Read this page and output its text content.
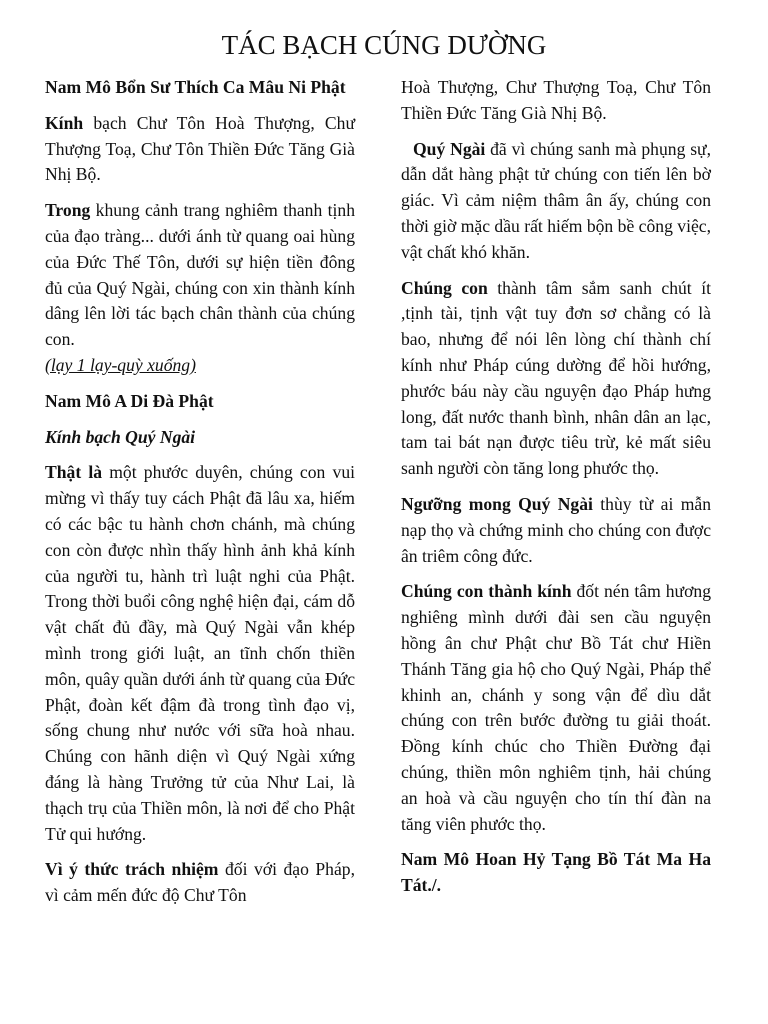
TÁC BẠCH CÚNG DƯỜNG

Nam Mô Bổn Sư Thích Ca Mâu Ni Phật

Kính bạch Chư Tôn Hoà Thượng, Chư Thượng Toạ, Chư Tôn Thiền Đức Tăng Già Nhị Bộ.

Trong khung cảnh trang nghiêm thanh tịnh của đạo tràng... dưới ánh từ quang oai hùng của Đức Thế Tôn, dưới sự hiện tiền đông đủ của Quý Ngài, chúng con xin thành kính dâng lên lời tác bạch chân thành của chúng con.

(lạy 1 lạy-quỳ xuống)

Nam Mô A Di Đà Phật

Kính bạch Quý Ngài

Thật là một phước duyên, chúng con vui mừng vì thấy tuy cách Phật đã lâu xa, hiếm có các bậc tu hành chơn chánh, mà chúng con còn được nhìn thấy hình ảnh khả kính của người tu, hành trì luật nghi của Phật. Trong thời buổi công nghệ hiện đại, cám dỗ vật chất đủ đầy, mà Quý Ngài vẫn khép mình trong giới luật, an tĩnh chốn thiền môn, quây quần dưới ánh từ quang của Đức Phật, đoàn kết đậm đà trong tình đạo vị, sống chung như nước với sữa hoà nhau. Chúng con hãnh diện vì Quý Ngài xứng đáng là hàng Trưởng tử của Như Lai, là thạch trụ của Thiền môn, là nơi để cho Phật Tử qui hướng.

Vì ý thức trách nhiệm đối với đạo Pháp, vì cảm mến đức độ Chư Tôn

Hoà Thượng, Chư Thượng Toạ, Chư Tôn Thiền Đức Tăng Già Nhị Bộ.

Quý Ngài đã vì chúng sanh mà phụng sự, dẫn dắt hàng phật tử chúng con tiến lên bờ giác. Vì cảm niệm thâm ân ấy, chúng con thời giờ mặc dầu rất hiếm bộn bề công việc, vật chất khó khăn.

Chúng con thành tâm sắm sanh chút ít ,tịnh tài, tịnh vật tuy đơn sơ chẳng có là bao, nhưng để nói lên lòng chí thành chí kính như Pháp cúng dường để hồi hướng, phước báu này cầu nguyện đạo Pháp hưng long, đất nước thanh bình, nhân dân an lạc, tam tai bát nạn được tiêu trừ, kẻ mất siêu sanh người còn tăng long phước thọ.

Ngưỡng mong Quý Ngài thùy từ ai mẫn nạp thọ và chứng minh cho chúng con được ân triêm công đức.

Chúng con thành kính đốt nén tâm hương nghiêng mình dưới đài sen cầu nguyện hồng ân chư Phật chư Bồ Tát chư Hiền Thánh Tăng gia hộ cho Quý Ngài, Pháp thể khinh an, chánh y song vận để dìu dắt chúng con trên bước đường tu giải thoát. Đồng kính chúc cho Thiền Đường đại chúng, thiền môn nghiêm tịnh, hải chúng an hoà và cầu nguyện cho tín thí đàn na tăng viên phước thọ.

Nam Mô Hoan Hỷ Tạng Bồ Tát Ma Ha Tát./.
